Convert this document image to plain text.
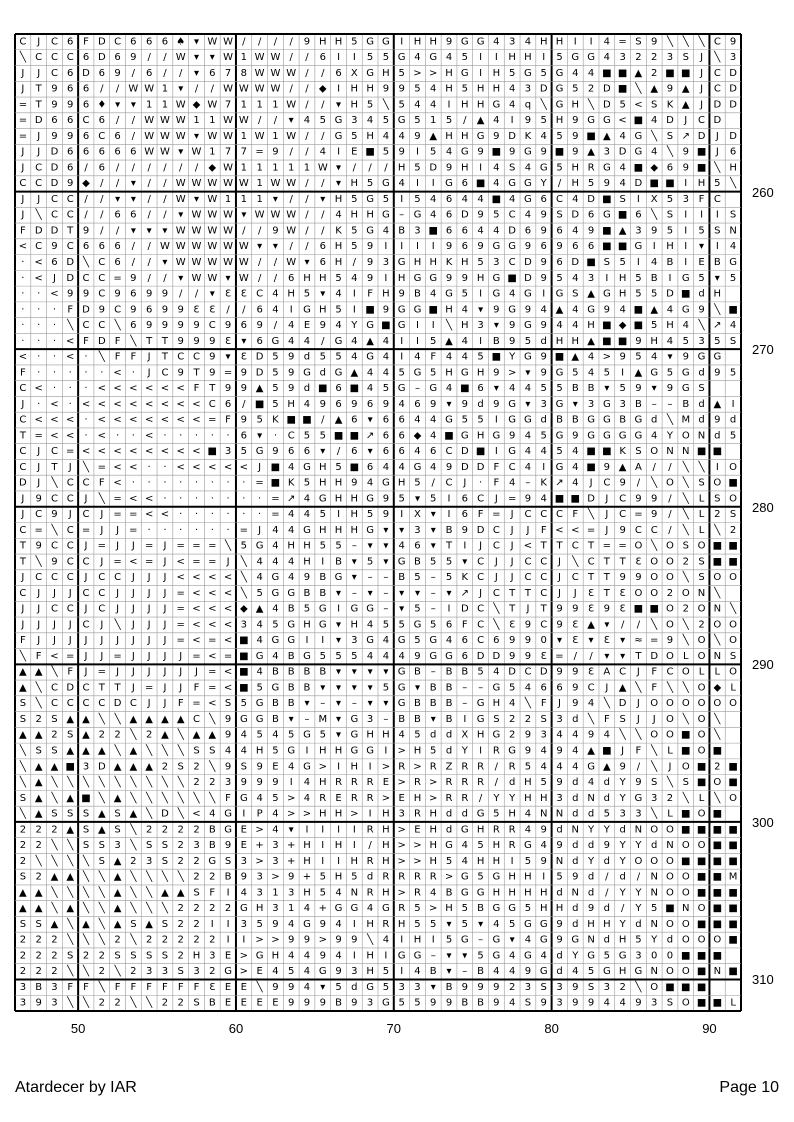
C J C 6 F D C 6 6 6 ♠ ▾ W W / / / / 9 H H 5 G G I H H 9 G G 4 3 4 H H I I 4 = S 9 ╲ ╲ ╲ C 9
╲ C C C 6 D 6 9 / / W ▾ ▾ W 1 W W / / 6 I I 5 5 G 4 G 4 5 I I H H I 5 G G 4 3 2 2 3 S J ╲ 3
J J C 6 D 6 9 / 6 / / ▾ 6 7 8 W W W / / 6 X G H 5 > > H G I H 5 G 5 G 4 4 ■ ■ ▲ 2 ■ ■ J C D
J T 9 6 6 / / W W 1 ▾ / / W W W W / / ◆ I H H 9 9 5 4 H 5 H H 4 3 D G 5 2 D ■ ╲ ▲ 9 ▲ J C D
= T 9 9 6 ♦ ▾ ▾ 1 1 W ◆ W 7 1 1 1 W / / ▾ H 5 ╲ 5 4 4 I H H G 4 q ╲ G H ╲ D 5 < S K ▲ J D D
= D 6 6 C 6 / / W W W 1 1 W W / / ▾ 4 5 G 3 4 5 G 5 1 5 / ▲ 4 I 9 5 H 9 G G < ■ 4 D J C D
= J 9 9 6 C 6 / W W W ▾ W W 1 W 1 W / / G 5 H 4 4 9 ▲ H H G 9 D K 4 5 9 ■ ▲ 4 G ╲ S ↗ D J D
J J D 6 6 6 6 6 W W ▾ W 1 7 7 = 9 / / 4 I E ■ 5 9 I 5 4 G 9 ■ 9 G 9 ■ 9 ▲ 3 D G 4 ╲ 9 ■ J 6
J C D 6 / 6 / / / / / / ◆ W 1 1 1 1 1 W ▾ / / / H 5 D 9 H I 4 S 4 G 5 H R G 4 ■ ◆ 6 9 ■ ╲ H
C C D 9 ◆ / / ▾ / / W W W W W 1 W W / / ▾ H 5 G 4 I I G 6 ■ 4 G G Y / H 5 9 4 D ■ ■ I H 5 ╲
J J C C / / ▾ ▾ / / W ▾ W 1 1 1 ▾ / / ▾ H 5 G 5 I 5 4 6 4 4 ■ 4 G 6 C 4 D ■ S I X 5 3 F C
J ╲ C C / / 6 6 / / ▾ W W W ▾ W W W / / 4 H H G – G 4 6 D 9 5 C 4 9 S D 6 G ■ 6 ╲ S I I I S
F D D T 9 / / ▾ ▾ ▾ W W W W / / 9 W / / K 5 G 4 B 3 ■ 6 6 4 4 D 6 9 6 4 9 ■ ▲ 3 9 5 I 5 S N
< C 9 C 6 6 6 / / W W W W W W ▾ ▾ / / 6 H 5 9 I I I I 9 6 9 G G 9 6 9 6 6 ■ ■ G I H I ▾ I 4
· < 6 D ╲ C 6 / / ▾ W W W W W / / W ▾ 6 H / 9 3 G H H K H 5 3 C D 9 6 D ■ S 5 I 4 B I E B G
· < J D C C = 9 / / ▾ W W ▾ W / / 6 H H 5 4 9 I H G G 9 9 H G ■ D 9 5 4 3 I H 5 B I G 5 ▾ 5
· · < 9 9 C 9 6 9 9 / / ▾ Ɛ Ɛ C 4 H 5 ▾ 4 I F H 9 B 4 G 5 I G 4 G I G S ▲ G H 5 5 D ■ d H
· · · F D 9 C 9 6 9 9 Ɛ Ɛ / / 6 4 I G H 5 I ■ 9 G G ■ H 4 ▾ 9 G 9 4 ▲ 4 G 9 4 ■ ▲ 4 G 9 ╲ ■
· · · ╲ C C ╲ 6 9 9 9 9 C 9 6 9 / 4 E 9 4 Y G ■ G I I ╲ H 3 ▾ 9 G 9 4 4 H ■ ◆ ■ 5 H 4 ╲ ↗ 4
· · · < F D F ╲ T T 9 9 9 Ɛ ▾ 6 G 4 4 / G 4 ▲ 4 I I 5 ▲ 4 I B 9 5 d H H ▲ ■ ■ 9 H 4 5 3 5 S
< · · < · ╲ F F J T C C 9 ▾ Ɛ D 5 9 d 5 5 4 G 4 I 4 F 4 4 5 ■ Y G 9 ■ ▲ 4 > 9 5 4 ▾ 9 G G
F · · · · · < · J C 9 T 9 = 9 D 5 9 G d G ▲ 4 4 5 G 5 H G H 9 > ▾ 9 G 5 4 5 I ▲ G 5 G d 9 5
C < · · · < < < < < < F T 9 9 ▲ 5 9 d ■ 6 ■ 4 5 G – G 4 ■ 6 ▾ 4 4 5 5 B B ▾ 5 9 ▾ 9 G S
J · < · < < < < < < < < C 6 / ■ 5 H 4 9 6 9 6 9 4 6 9 ▾ 9 d 9 G ▾ 3 G ▾ 3 G 3 B – – B d ▲ I
C < < < · < < < < < < < = F 9 5 K ■ ■ / ▲ 6 ▾ 6 6 4 4 G 5 5 I G G d B B G G B G d ╲ M d 9 d
T = < < · < · · < · · · · · 6 ▾ · C 5 5 ■ ■ ↗ 6 6 ◆ 4 ■ G H G 9 4 5 G 9 G G G G 4 Y O N d 5
C J C = < < < < < < < < ■ 3 5 G 9 6 6 ▾ / 6 ▾ 6 6 4 6 C D ■ I G 4 4 5 4 ■ ■ K S O N N ■ ■
C J T J ╲ = < < · · < < < < < J ■ 4 G H 5 ■ 6 4 4 G 4 9 D D F C 4 I G 4 ■ 9 ▲ A / / ╲ ╲ I O
D J ╲ C C F < · · · · · · · · = ■ K 5 H H 9 4 G H 5 / C J · F 4 – K ↗ 4 J C 9 / ╲ O ╲ S O ■
J 9 C C J ╲ = < < · · · · · · · = ↗ 4 G H H G 9 5 ▾ 5 I 6 C J = 9 4 ■ ■ D J C 9 9 / ╲ L S O
J C 9 J C J = = < < · · · · · · = 4 4 5 I H 5 9 I X ▾ I 6 F = J C C C F ╲ J C = 9 / ╲ L 2 S
C = ╲ C = J J = · · · · · · = J 4 4 G H H H G ▾ ▾ 3 ▾ B 9 D C J J F < < = J 9 C C / ╲ L ╲ 2
T 9 C C J = J J = J = = = ╲ 5 G 4 H H 5 5 – ▾ ▾ 4 6 ▾ T I J C J < T T C T = = O ╲ O S O ■ ■
T ╲ 9 C C J = < = J < = = J ╲ 4 4 4 H I B ▾ 5 ▾ G B 5 5 ▾ C J J C C J ╲ C T T Ɛ O O 2 S ■ ■
J C C C J C C J J J < < < < ╲ 4 G 4 9 B G ▾ – – B 5 – 5 K C J J C C J C T T 9 9 O O ╲ S O O
C J J J C C J J J J = < < < ╲ 5 G G B B ▾ – ▾ – ▾ ▾ – ▾ ↗ J C T T C J J Ɛ T Ɛ O O 2 O N ╲
J J C C J C J J J J = < < < ◆ ▲ 4 B 5 G I G G – ▾ 5 – I D C ╲ T J T 9 9 Ɛ 9 Ɛ ■ ■ O 2 O N ╲
J J J J C J ╲ J J J = < < < 3 4 5 G H G ▾ H 4 5 5 G 5 6 F C ╲ Ɛ 9 C 9 Ɛ ▲ ▾ / / ╲ O ╲ 2 O O
F J J J J J J J J J = < = < ■ 4 G G I I ▾ 3 G 4 G 5 G 4 6 C 6 9 9 0 ▾ Ɛ ▾ Ɛ ▾ ≈ = 9 ╲ O ╲ O
╲ F < = J J = J J J J = < = ■ G 4 B G 5 5 5 4 4 4 9 G G 6 D D 9 9 Ɛ = / / ▾ ▾ T D O L O N S
▲ ▲ ╲ F J = J J J J J J = < ■ 4 B B B B ▾ ▾ ▾ ▾ G B – B B 5 4 D C D 9 9 Ɛ A C J F C O L L O
▲ ╲ C D C T T J = J J F = < ■ 5 G B B ▾ ▾ ▾ ▾ 5 G ▾ B B – – G 5 4 6 6 9 C J ▲ ╲ F ╲ ╲ O ◆ L
S ╲ C C C C D C J J F = < S 5 G B B ▾ – ▾ – ▾ ▾ G B B B – G H 4 ╲ F J 9 4 ╲ D J O O O O O O
S 2 S ▲ ▲ ╲ ╲ ▲ ▲ ▲ ▲ C ╲ 9 G G B ▾ – M ▾ G 3 – B B ▾ B I G S 2 2 S 3 d ╲ F S J J O ╲ O ╲
▲ ▲ 2 S ▲ 2 2 ╲ 2 ▲ ╲ ▲ ▲ 9 4 5 4 5 G 5 ▾ G H H 4 5 d d X H G 2 9 3 4 4 9 4 ╲ ╲ O O ■ O ╲
╲ S S ▲ ▲ ▲ ╲ ▲ ╲ ╲ ╲ S S 4 4 H 5 G I H H G G I > H 5 d Y I R G 9 4 9 4 ▲ ■ J F ╲ L ■ O ■
╲ ▲ ▲ ■ 3 D ▲ ▲ ▲ 2 S 2 ╲ 9 S 9 E 4 G > I H I > R > R Z R R / R 5 4 4 4 G ▲ 9 / ╲ J O ■ 2 ■
╲ ▲ ╲ ╲ ╲ ╲ ╲ ╲ ╲ ╲ ╲ 2 2 3 9 9 9 I 4 H R R R E > R > R R R / d H 5 9 d 4 d Y 9 S ╲ S ■ O ■
S ▲ ╲ ▲ ■ ╲ ▲ ╲ ╲ ╲ ╲ ╲ ╲ F G 4 5 > 4 R E R R > E H > R R / Y Y H H 3 d N d Y G 3 2 ╲ L ╲ O
╲ ▲ S S S ▲ S ▲ ╲ D ╲ < 4 G I P 4 > > H H > I H 3 R H d d G 5 H 4 N N d d 5 3 3 ╲ L ■ O ■
2 2 2 ▲ S ▲ S ╲ 2 2 2 2 B G E > 4 ▾ I I I I R H > E H d G H R R 4 9 d N Y Y d N O O ■ ■ ■ ■
2 2 ╲ ╲ S S 3 ╲ S S 2 3 B 9 E + 3 + H I H I / H > > H G 4 5 H R G 4 9 d d 9 Y Y d N O O ■ ■
2 ╲ ╲ ╲ ╲ S ▲ 2 3 S 2 2 G S 3 > 3 + H I I H R H > > H 5 4 H H I 5 9 N d Y d Y O O O ■ ■ ■ ■
S 2 ▲ ▲ ╲ ╲ ▲ ╲ ╲ ╲ ╲ 2 2 B 9 3 > 9 + 5 H 5 d R R R R > G 5 G H H I 5 9 d / d / N O O ■ ■ M
▲ ▲ ╲ ╲ ╲ ╲ ▲ ╲ ╲ ▲ ▲ S F I 4 3 1 3 H 5 4 N R H > R 4 B G G H H H H d N d / Y Y N O O ■ ■ ■
▲ ▲ ╲ ▲ ╲ ╲ ▲ ╲ ╲ ╲ 2 2 2 2 G H 3 1 4 + G G 4 G R 5 > H 5 B G G 5 H H d 9 d / Y 5 ■ N O ■ ■
S S ▲ ╲ ▲ ╲ ▲ S ▲ S 2 2 I I 3 5 9 4 G 9 4 I H R H 5 5 ▾ 5 ▾ 4 5 G G 9 d H H Y d N O O ■ ■ ■
2 2 2 ╲ ╲ ╲ 2 ╲ 2 2 2 2 2 I I > > 9 9 > 9 9 ╲ 4 I H I 5 G – G ▾ 4 G 9 G N d H 5 Y d O O O ■
2 2 2 S 2 2 S S S S 2 H 3 E > G H 4 4 9 4 I H I G G – ▾ ▾ 5 G 4 G 4 d Y G 5 G 3 0 0 ■ ■ ■
2 2 2 ╲ ╲ 2 ╲ 2 3 3 S 3 2 G > E 4 5 4 G 9 3 H 5 I 4 B ▾ – B 4 4 9 G d 4 5 G H G N O O ■ N ■
3 B 3 F F ╲ F F F F F F Ɛ E E ╲ 9 9 4 ▾ 5 d G 5 3 3 ▾ B 9 9 9 2 3 S 3 9 S 3 2 ╲ O ■ ■ ■
3 9 3 ╲ ╲ 2 2 ╲ ╲ 2 2 S B E E E E 9 9 9 B 9 3 G 5 5 9 9 B B 9 4 S 9 3 9 9 4 4 9 3 S O ■ ■ L
260
270
280
290
300
310
50	60	70	80	90
Atardecer by IAR	Page 10
